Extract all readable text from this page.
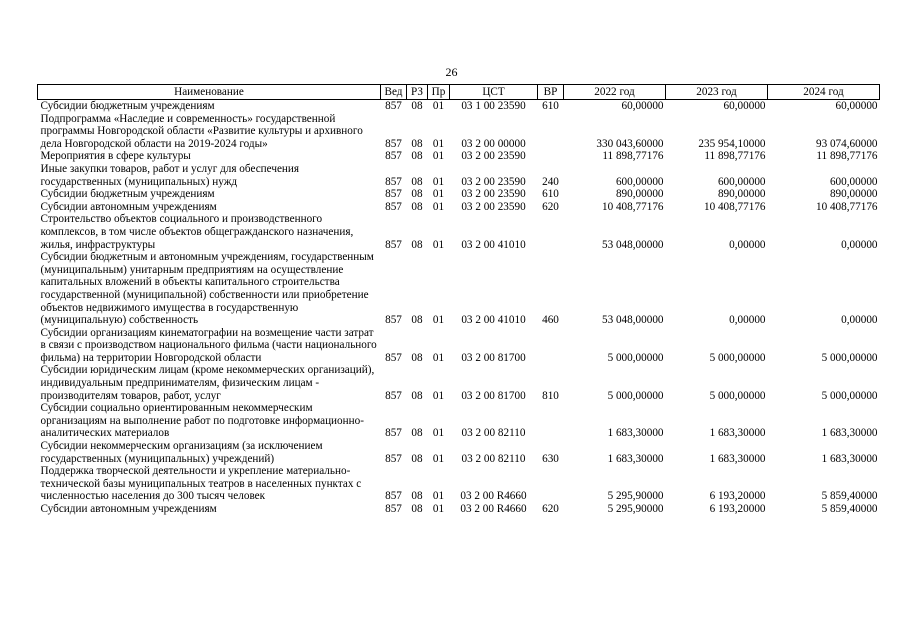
26
Наименование	Вед	РЗ	Пр	ЦСТ	ВР	2022 год	2023 год	2024 год
Субсидии бюджетным учреждениям	857	08	01	03 1 00 23590	610	60,00000	60,00000	60,00000
Подпрограмма «Наследие и современность» государственной программы Новгородской области «Развитие культуры и архивного дела Новгородской области на 2019-2024 годы»	857	08	01	03 2 00 00000		330 043,60000	235 954,10000	93 074,60000
Мероприятия в сфере культуры	857	08	01	03 2 00 23590		11 898,77176	11 898,77176	11 898,77176
Иные закупки товаров, работ и услуг для обеспечения государственных (муниципальных) нужд	857	08	01	03 2 00 23590	240	600,00000	600,00000	600,00000
Субсидии бюджетным учреждениям	857	08	01	03 2 00 23590	610	890,00000	890,00000	890,00000
Субсидии автономным учреждениям	857	08	01	03 2 00 23590	620	10 408,77176	10 408,77176	10 408,77176
Строительство объектов социального и производственного комплексов, в том числе объектов общегражданского назначения, жилья, инфраструктуры	857	08	01	03 2 00 41010		53 048,00000	0,00000	0,00000
Субсидии бюджетным и автономным учреждениям, государственным (муниципальным) унитарным предприятиям на осуществление капитальных вложений в объекты капитального строительства государственной (муниципальной) собственности или приобретение объектов недвижимого имущества в государственную (муниципальную) собственность	857	08	01	03 2 00 41010	460	53 048,00000	0,00000	0,00000
Субсидии организациям кинематографии на возмещение части затрат в связи с производством национального фильма (части национального фильма) на территории Новгородской области	857	08	01	03 2 00 81700		5 000,00000	5 000,00000	5 000,00000
Субсидии юридическим лицам (кроме некоммерческих организаций), индивидуальным предпринимателям, физическим лицам - производителям товаров, работ, услуг	857	08	01	03 2 00 81700	810	5 000,00000	5 000,00000	5 000,00000
Субсидии социально ориентированным некоммерческим организациям на выполнение работ по подготовке информационно-аналитических материалов	857	08	01	03 2 00 82110		1 683,30000	1 683,30000	1 683,30000
Субсидии некоммерческим организациям (за исключением государственных (муниципальных) учреждений)	857	08	01	03 2 00 82110	630	1 683,30000	1 683,30000	1 683,30000
Поддержка творческой деятельности и укрепление материально-технической базы муниципальных театров в населенных пунктах с численностью населения до 300 тысяч человек	857	08	01	03 2 00 R4660		5 295,90000	6 193,20000	5 859,40000
Субсидии автономным учреждениям	857	08	01	03 2 00 R4660	620	5 295,90000	6 193,20000	5 859,40000
